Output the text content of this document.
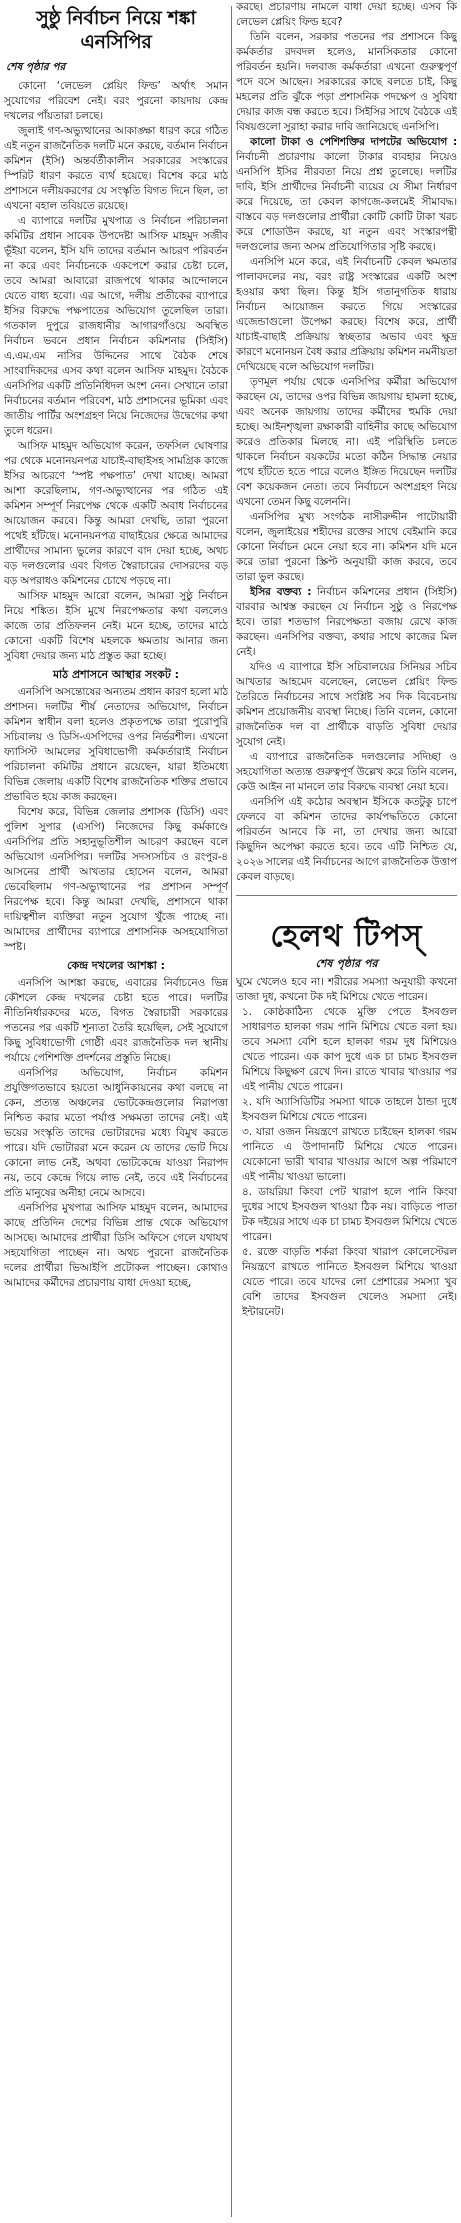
সুষ্ঠু নির্বাচন নিয়ে শঙ্কা এনসিপির
শেষ পৃষ্ঠার পর

কোনো ‘লেভেল প্লেয়িং ফিল্ড’ অর্থাৎ সমান সুযোগের পরিবেশ নেই। বরং পুরনো কায়দায় কেন্দ্র দখলের পাঁয়তারা চলছে।

জুলাই গণ-অভ্যুত্থানের আকাঙ্ক্ষা ধারণ করে গঠিত এই নতুন রাজনৈতিক দলটি মনে করছে, বর্তমান নির্বাচন কমিশন (ইসি) অন্তর্বর্তীকালীন সরকারের সংস্কারের স্পিরিট ধারণ করতে ব্যর্থ হয়েছে। বিশেষ করে মাঠ প্রশাসনে দলীয়করণের যে সংস্কৃতি বিগত দিনে ছিল, তা এখনো বহাল তবিয়তে রয়েছে।

এ ব্যাপারে দলটির মুখপাত্র ও নির্বাচন পরিচালনা কমিটির প্রধান সাবেক উপদেষ্টা আসিফ মাহমুদ সজীব ভূঁইয়া বলেন, ইসি যদি তাদের বর্তমান আচরণ পরিবর্তন না করে এবং নির্বাচনকে একপেশে করার চেষ্টা চলে, তবে আমরা আবারো রাজপথে থাকার আন্দোলনে যেতে বাধ্য হবো। এর আগে, দলীয় প্রতীকের ব্যাপারে ইসির বিরুদ্ধে পক্ষপাতের অভিযোগ তুলেছিল তারা। গতকাল দুপুরে রাজধানীর আগারগাঁওয়ে অবস্থিত নির্বাচন ভবনে প্রধান নির্বাচন কমিশনার (সিইসি) এ.এম.এম নাসির উদ্দিনের সাথে বৈঠক শেষে সাংবাদিকদের এসব কথা বলেন আসিফ মাহমুদ। বৈঠকে এনসিপির একটি প্রতিনিধিদল অংশ নেন। সেখানে তারা নির্বাচনের বর্তমান পরিবেশ, মাঠ প্রশাসনের ভূমিকা এবং জাতীয় পার্টির অংশগ্রহণ নিয়ে নিজেদের উদ্বেগের কথা তুলে ধরেন।

আসিফ মাহমুদ অভিযোগ করেন, তফসিল ঘোষণার পর থেকে মনোনয়নপত্র যাচাই-বাছাইসহ সামগ্রিক কাজে ইসির আচরণে ‘স্পষ্ট পক্ষপাত’ দেখা যাচ্ছে। আমরা আশা করেছিলাম, গণ-অভ্যুত্থানের পর গঠিত এই কমিশন সম্পূর্ণ নিরপেক্ষ থেকে একটি অবাধ নির্বাচনের আয়োজন করবে। কিন্তু আমরা দেখছি, তারা পুরনো পথেই হাঁটছে। মনোনয়নপত্র বাছাইয়ের ক্ষেত্রে আমাদের প্রার্থীদের সামান্য ভুলের কারণে বাদ দেয়া হচ্ছে, অথচ বড় দলগুলোর এবং বিগত স্বৈরাচারের দোসরদের বড় বড় অপরাধও কমিশনের চোখে পড়ছে না।

আসিফ মাহমুদ আরো বলেন, আমরা সুষ্ঠু নির্বাচন নিয়ে শঙ্কিত। ইসি মুখে নিরপেক্ষতার কথা বললেও কাজে তার প্রতিফলন নেই। মনে হচ্ছে, তাদের মাঠে কোনো একটি বিশেষ মহলকে ক্ষমতায় আনার জন্য সুবিধা দেয়ার জন্য মাঠ প্রস্তুত করা হচ্ছে।

মাঠ প্রশাসনে আস্থার সংকট :

এনসিপি অসন্তোষের অন্যতম প্রধান কারণ হলো মাঠ প্রশাসন। দলটির শীর্ষ নেতাদের অভিযোগ, নির্বাচন কমিশন স্বাধীন বলা হলেও প্রকৃতপক্ষে তারা পুরোপুরি সচিবালয় ও ডিসি-এসপিদের ওপর নির্ভরশীল। এখনো ফ্যাসিস্ট আমলের সুবিধাভোগী কর্মকর্তারাই নির্বাচন পরিচালনা কমিটির প্রধানে রয়েছেন, যারা ইতিমধ্যে বিভিন্ন জেলায় একটি বিশেষ রাজনৈতিক শক্তির প্রভাবে প্রভাবিত হয়ে কাজ করছেন।

বিশেষ করে, বিভিন্ন জেলার প্রশাসক (ডিসি) এবং পুলিশ সুপার (এসপি) নিজেদের কিছু কর্মকাণ্ডে এনসিপির প্রতি সহানুভূতিশীল আচরণ করছেন বলে অভিযোগ এনসিপির। দলটির সদস্যসচিব ও রংপুর-৪ আসনের প্রার্থী আখতার হোসেন বলেন, আমরা ভেবেছিলাম গণ-অভ্যুত্থানের পর প্রশাসন সম্পূর্ণ নিরপেক্ষ হবে। কিন্তু আমরা দেখছি, প্রশাসনে থাকা দায়িত্বশীল ব্যক্তিরা নতুন সুযোগ খুঁজে পাচ্ছে না। আমাদের প্রার্থীদের ব্যাপারে প্রশাসনিক অসহযোগিতা স্পষ্ট।

কেন্দ্র দখলের আশঙ্কা :

এনসিপি আশঙ্কা করছে, এবারের নির্বাচনেও ভিন্ন কৌশলে কেন্দ্র দখলের চেষ্টা হতে পারে। দলটির নীতিনির্ধারকদের মতে, বিগত স্বৈরাচারী সরকারের পতনের পর একটি শূন্যতা তৈরি হয়েছিল, সেই সুযোগে কিছু সুবিধাভোগী গোষ্ঠী এবং রাজনৈতিক দল স্থানীয় পর্যায়ে পেশিশক্তি প্রদর্শনের প্রস্তুতি নিচ্ছে।

এনসিপির অভিযোগ, নির্বাচন কমিশন প্রযুক্তিগতভাবে হয়তো আধুনিকায়নের কথা বলছে না কেন, প্রত্যন্ত অঞ্চলের ভোটকেন্দ্রগুলোর নিরাপত্তা নিশ্চিত করার মতো পর্যাপ্ত সক্ষমতা তাদের নেই। এই ভয়ের সংস্কৃতি তাদের ভোটারদের মধ্যে বিমুখ করতে পারে। যদি ভোটাররা মনে করেন যে তাদের ভোট দিয়ে কোনো লাভ নেই, অথবা ভোটকেন্দ্রে যাওয়া নিরাপদ নয়, তবে কেন্দ্রে গিয়ে লাভ নেই, তবে এই নির্বাচনের প্রতি মানুষের অনীহা নেমে আসবে।

এনসিপির মুখপাত্র আসিফ মাহমুদ বলেন, আমাদের কাছে প্রতিদিন দেশের বিভিন্ন প্রান্ত থেকে অভিযোগ আসছে। আমাদের প্রার্থীরা ডিসি অফিসে গেলে যথাযথ সহযোগিতা পাচ্ছেন না। অথচ পুরনো রাজনৈতিক দলের প্রার্থীরা ভিআইপি প্রটোকল পাচ্ছেন। কোথাও আমাদের কর্মীদের প্রচারণায় বাধা দেওয়া হচ্ছে,

করছে। প্রচারণায় নামলে বাধা দেয়া হচ্ছে। এসব কি লেভেল প্লেয়িং ফিল্ড হবে?

তিনি বলেন, সরকার পতনের পর প্রশাসনে কিছু কর্মকর্তার রদবদল হলেও, মানসিকতার কোনো পরিবর্তন হয়নি। দলবাজ কর্মকর্তারা এখনো গুরুত্বপূর্ণ পদে বসে আছেন। সরকারের কাছে বলতে চাই, কিছু মহলের প্রতি ঝুঁকে পড়া প্রশাসনিক পদক্ষেপ ও সুবিধা দেয়ার কাজ বন্ধ করতে হবে। সিইসির সাথে বৈঠকে এই বিষয়গুলো সুরাহা করার দাবি জানিয়েছে এনসিপি।

কালো টাকা ও পেশিশক্তির দাপটের অভিযোগ : নির্বাচনী প্রচারণায় কালো টাকার ব্যবহার নিয়েও এনসিপি ইসির নীরবতা নিয়ে প্রশ্ন তুলেছে। দলটির দাবি, ইসি প্রার্থীদের নির্বাচনী ব্যয়ের যে সীমা নির্ধারণ করে দিয়েছে, তা কেবল কাগজে-কলমেই সীমাবদ্ধ। বাস্তবে বড় দলগুলোর প্রার্থীরা কোটি কোটি টাকা খরচ করে শোডাউন করছে, যা নতুন এবং সংস্কারপন্থী দলগুলোর জন্য অসম প্রতিযোগিতার সৃষ্টি করছে।

এনসিপি মনে করে, এই নির্বাচনটি কেবল ক্ষমতার পালাবদলের নয়, বরং রাষ্ট্র সংস্কারের একটি অংশ হওয়ার কথা ছিল। কিন্তু ইসি গতানুগতিক ধারায় নির্বাচন আয়োজন করতে গিয়ে সংস্কারের এজেন্ডাগুলো উপেক্ষা করছে। বিশেষ করে, প্রার্থী যাচাই-বাছাই প্রক্রিয়ায় স্বচ্ছতার অভাব এবং ক্ষুদ্র কারণে মনোনয়ন বৈধ করার প্রক্রিয়ায় কমিশন নমনীয়তা দেখিয়েছে বলে অভিযোগ দলটির।

তৃণমূল পর্যায় থেকে এনসিপির কর্মীরা অভিযোগ করছেন যে, তাদের ওপর বিভিন্ন জায়গায় হামলা হচ্ছে, এবং অনেক জায়গায় তাদের কর্মীদের হুমকি দেয়া হচ্ছে। আইনশৃঙ্খলা রক্ষাকারী বাহিনীর কাছে অভিযোগ করেও প্রতিকার মিলছে না। এই পরিস্থিতি চলতে থাকলে নির্বাচন বয়কটের মতো কঠিন সিদ্ধান্ত নেয়ার পথে হাঁটতে হতে পারে বলেও ইঙ্গিত দিয়েছেন দলটির বেশ কয়েকজন নেতা। তবে নির্বাচনে অংশগ্রহণ নিয়ে এখনো তেমন কিছু বলেননি।

এনসিপির মুখ্য সংগঠক নাসীরুদ্দীন পাটোয়ারী বলেন, জুলাইয়ের শহীদের রক্তের সাথে বেইমানি করে কোনো নির্বাচন মেনে নেয়া হবে না। কমিশন যদি মনে করে তারা পুরনো স্ক্রিপ্ট অনুযায়ী কাজ করবে, তবে তারা ভুল করছে।

ইসির বক্তব্য : নির্বাচন কমিশনের প্রধান (সিইসি) বারবার আশ্বস্ত করছেন যে নির্বাচন সুষ্ঠু ও নিরপেক্ষ হবে। তারা শতভাগ নিরপেক্ষতা বজায় রেখে কাজ করছেন। এনসিপির বক্তব্য, কথার সাথে কাজের মিল নেই।

যদিও এ ব্যাপারে ইসি সচিবালয়ের সিনিয়র সচিব আখতার আহমেদ বলেছেন, লেভেল প্লেয়িং ফিল্ড তৈরিতে নির্বাচনের সাথে সংশ্লিষ্ট সব দিক বিবেচনায় কমিশন প্রয়োজনীয় ব্যবস্থা নিচ্ছে। তিনি বলেন, কোনো রাজনৈতিক দল বা প্রার্থীকে বাড়তি সুবিধা দেয়ার সুযোগ নেই।

এ ব্যাপারে রাজনৈতিক দলগুলোর সদিচ্ছা ও সহযোগিতা অত্যন্ত গুরুত্বপূর্ণ উল্লেখ করে তিনি বলেন, কেউ আইন না মানলে তার বিরুদ্ধে ব্যবস্থা নেয়া হবে।

এনসিপি এই কঠোর অবস্থান ইসিকে কতটুকু চাপে ফেলবে বা কমিশন তাদের কার্যপদ্ধতিতে কোনো পরিবর্তন আনবে কি না, তা দেখার জন্য আরো কিছুদিন অপেক্ষা করতে হবে। তবে এটি নিশ্চিত যে, ২০২৬ সালের এই নির্বাচনের আগে রাজনৈতিক উত্তাপ কেবল বাড়ছে।

হেলথ টিপস্
শেষ পৃষ্ঠার পর

ঘুমে খেলেও হবে না। শরীরের সমস্যা অনুযায়ী কখনো তাজা দুধ, কখনো টক দই মিশিয়ে খেতে পারেন।

১. কোষ্ঠকাঠিন্য থেকে মুক্তি পেতে ইসবগুল সাধারণত হালকা গরম পানি মিশিয়ে খেতে বলা হয়। তবে সমস্যা বেশি হলে হালকা গরম দুধ মিশিয়েও খেতে পারেন। এক কাপ দুধে এক চা চামচ ইসবগুল মিশিয়ে কিছুক্ষণ রেখে দিন। রাতে খাবার খাওয়ার পর এই পানীয় খেতে পারেন।

২. যদি অ্যাসিডিটির সমস্যা থাকে তাহলে ঠান্ডা দুধে ইসবগুল মিশিয়ে খেতে পারেন।

৩. যারা ওজন নিয়ন্ত্রণে রাখতে চাইছেন হালকা গরম পানিতে এ উপাদানটি মিশিয়ে খেতে পারেন। যেকোনো ভারী খাবার খাওয়ার আগে অল্প পরিমাণে এই পানীয় খাওয়া ভালো।

৪. ডায়রিয়া কিংবা পেট খারাপ হলে পানি কিংবা দুধের সাথে ইসবগুল খাওয়া ঠিক নয়। বাড়িতে পাতা টক দইয়ের সাথে এক চা চামচ ইসবগুল মিশিয়ে খেতে পারেন।

৫. রক্তে বাড়তি শর্করা কিংবা খারাপ কোলেস্টেরল নিয়ন্ত্রণে রাখতে পানিতে ইসবগুল মিশিয়ে খাওয়া যেতে পারে। তবে যাদের লো প্রেশারের সমস্যা খুব বেশি তাদের ইসবগুল খেলেও সমস্যা নেই। ইন্টারনেট।
